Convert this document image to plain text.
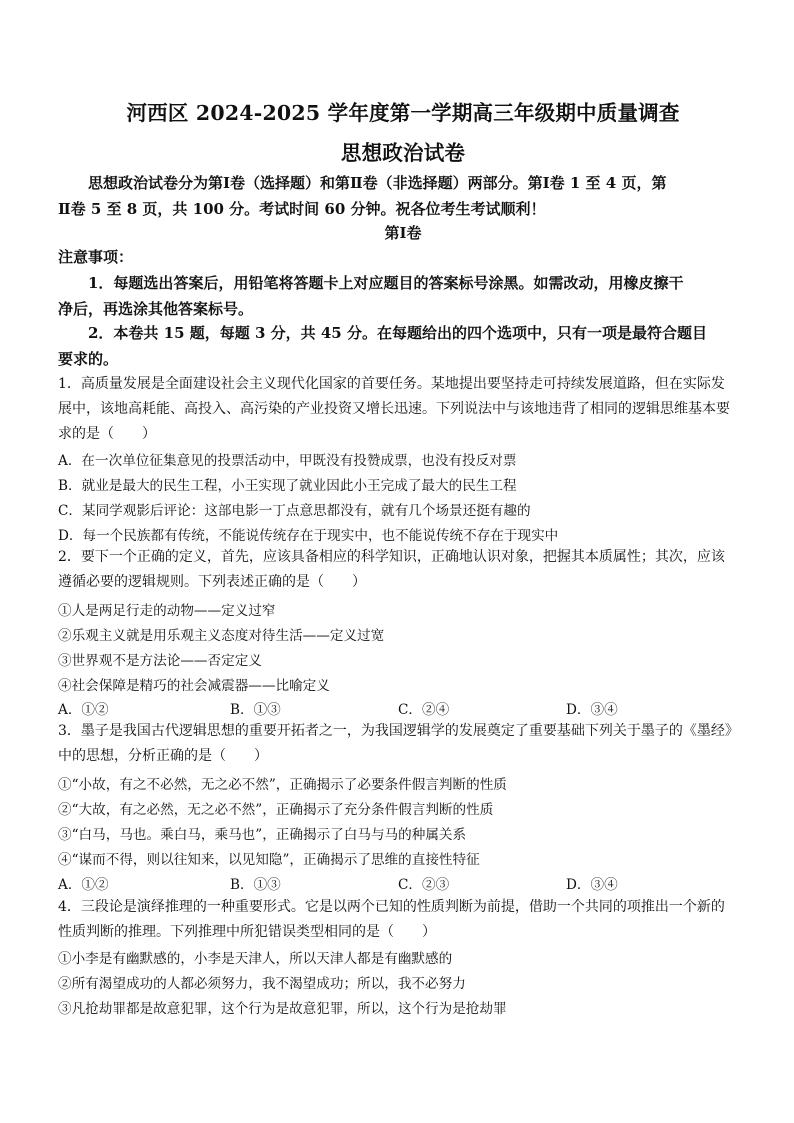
河西区 2024-2025 学年度第一学期高三年级期中质量调查
思想政治试卷
思想政治试卷分为第Ⅰ卷（选择题）和第Ⅱ卷（非选择题）两部分。第Ⅰ卷 1 至 4 页，第
Ⅱ卷 5 至 8 页，共 100 分。考试时间 60 分钟。祝各位考生考试顺利！
第Ⅰ卷
注意事项：
1．每题选出答案后，用铅笔将答题卡上对应题目的答案标号涂黑。如需改动，用橡皮擦干
净后，再选涂其他答案标号。
2．本卷共 15 题，每题 3 分，共 45 分。在每题给出的四个选项中，只有一项是最符合题目
要求的。
1．高质量发展是全面建设社会主义现代化国家的首要任务。某地提出要坚持走可持续发展道路，但在实际发
展中，该地高耗能、高投入、高污染的产业投资又增长迅速。下列说法中与该地违背了相同的逻辑思维基本要
求的是（　　）
A．在一次单位征集意见的投票活动中，甲既没有投赞成票，也没有投反对票
B．就业是最大的民生工程，小王实现了就业因此小王完成了最大的民生工程
C．某同学观影后评论：这部电影一丁点意思都没有，就有几个场景还挺有趣的
D．每一个民族都有传统，不能说传统存在于现实中，也不能说传统不存在于现实中
2．要下一个正确的定义，首先，应该具备相应的科学知识，正确地认识对象，把握其本质属性；其次，应该
遵循必要的逻辑规则。下列表述正确的是（　　）
①人是两足行走的动物——定义过窄
②乐观主义就是用乐观主义态度对待生活——定义过宽
③世界观不是方法论——否定定义
④社会保障是精巧的社会减震器——比喻定义
A．①②	B．①③	C．②④	D．③④
3．墨子是我国古代逻辑思想的重要开拓者之一，为我国逻辑学的发展奠定了重要基础下列关于墨子的《墨经》
中的思想，分析正确的是（　　）
①“小故，有之不必然，无之必不然”，正确揭示了必要条件假言判断的性质
②“大故，有之必然，无之必不然”，正确揭示了充分条件假言判断的性质
③“白马，马也。乘白马，乘马也”，正确揭示了白马与马的种属关系
④“谋而不得，则以往知来，以见知隐”，正确揭示了思维的直接性特征
A．①②	B．①③	C．②③	D．③④
4．三段论是演绎推理的一种重要形式。它是以两个已知的性质判断为前提，借助一个共同的项推出一个新的
性质判断的推理。下列推理中所犯错误类型相同的是（　　）
①小李是有幽默感的，小李是天津人，所以天津人都是有幽默感的
②所有渴望成功的人都必须努力，我不渴望成功；所以，我不必努力
③凡抢劫罪都是故意犯罪，这个行为是故意犯罪，所以，这个行为是抢劫罪
